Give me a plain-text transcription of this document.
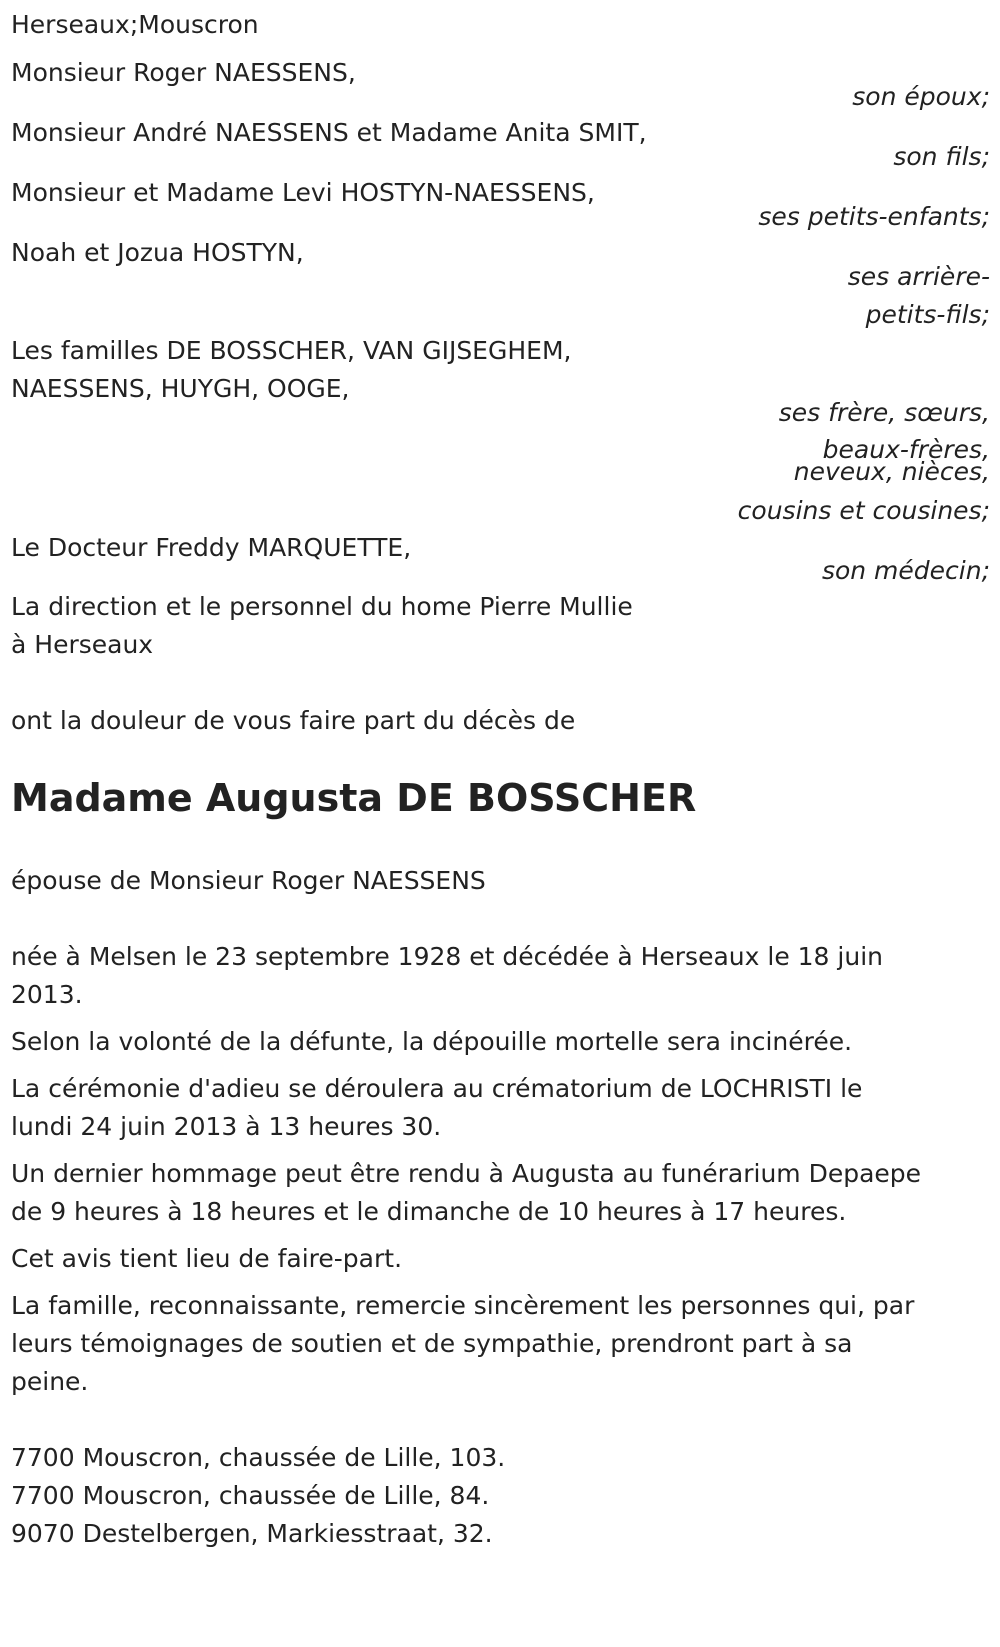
Herseaux;Mouscron
Monsieur Roger NAESSENS,
son époux;
Monsieur André NAESSENS et Madame Anita SMIT,
son fils;
Monsieur et Madame Levi HOSTYN-NAESSENS,
ses petits-enfants;
Noah et Jozua HOSTYN,
ses arrière-
petits-fils;
Les familles DE BOSSCHER, VAN GIJSEGHEM,
NAESSENS, HUYGH, OOGE,
ses frère, sœurs,
beaux-frères,
neveux, nièces,
cousins et cousines;
Le Docteur Freddy MARQUETTE,
son médecin;
La direction et le personnel du home Pierre Mullie
à Herseaux
ont la douleur de vous faire part du décès de
Madame Augusta DE BOSSCHER
épouse de Monsieur Roger NAESSENS
née à Melsen le 23 septembre 1928 et décédée à Herseaux le 18 juin
2013.
Selon la volonté de la défunte, la dépouille mortelle sera incinérée.
La cérémonie d'adieu se déroulera au crématorium de LOCHRISTI le
lundi 24 juin 2013 à 13 heures 30.
Un dernier hommage peut être rendu à Augusta au funérarium Depaepe
de 9 heures à 18 heures et le dimanche de 10 heures à 17 heures.
Cet avis tient lieu de faire-part.
La famille, reconnaissante, remercie sincèrement les personnes qui, par
leurs témoignages de soutien et de sympathie, prendront part à sa
peine.
7700 Mouscron, chaussée de Lille, 103.
7700 Mouscron, chaussée de Lille, 84.
9070 Destelbergen, Markiesstraat, 32.
